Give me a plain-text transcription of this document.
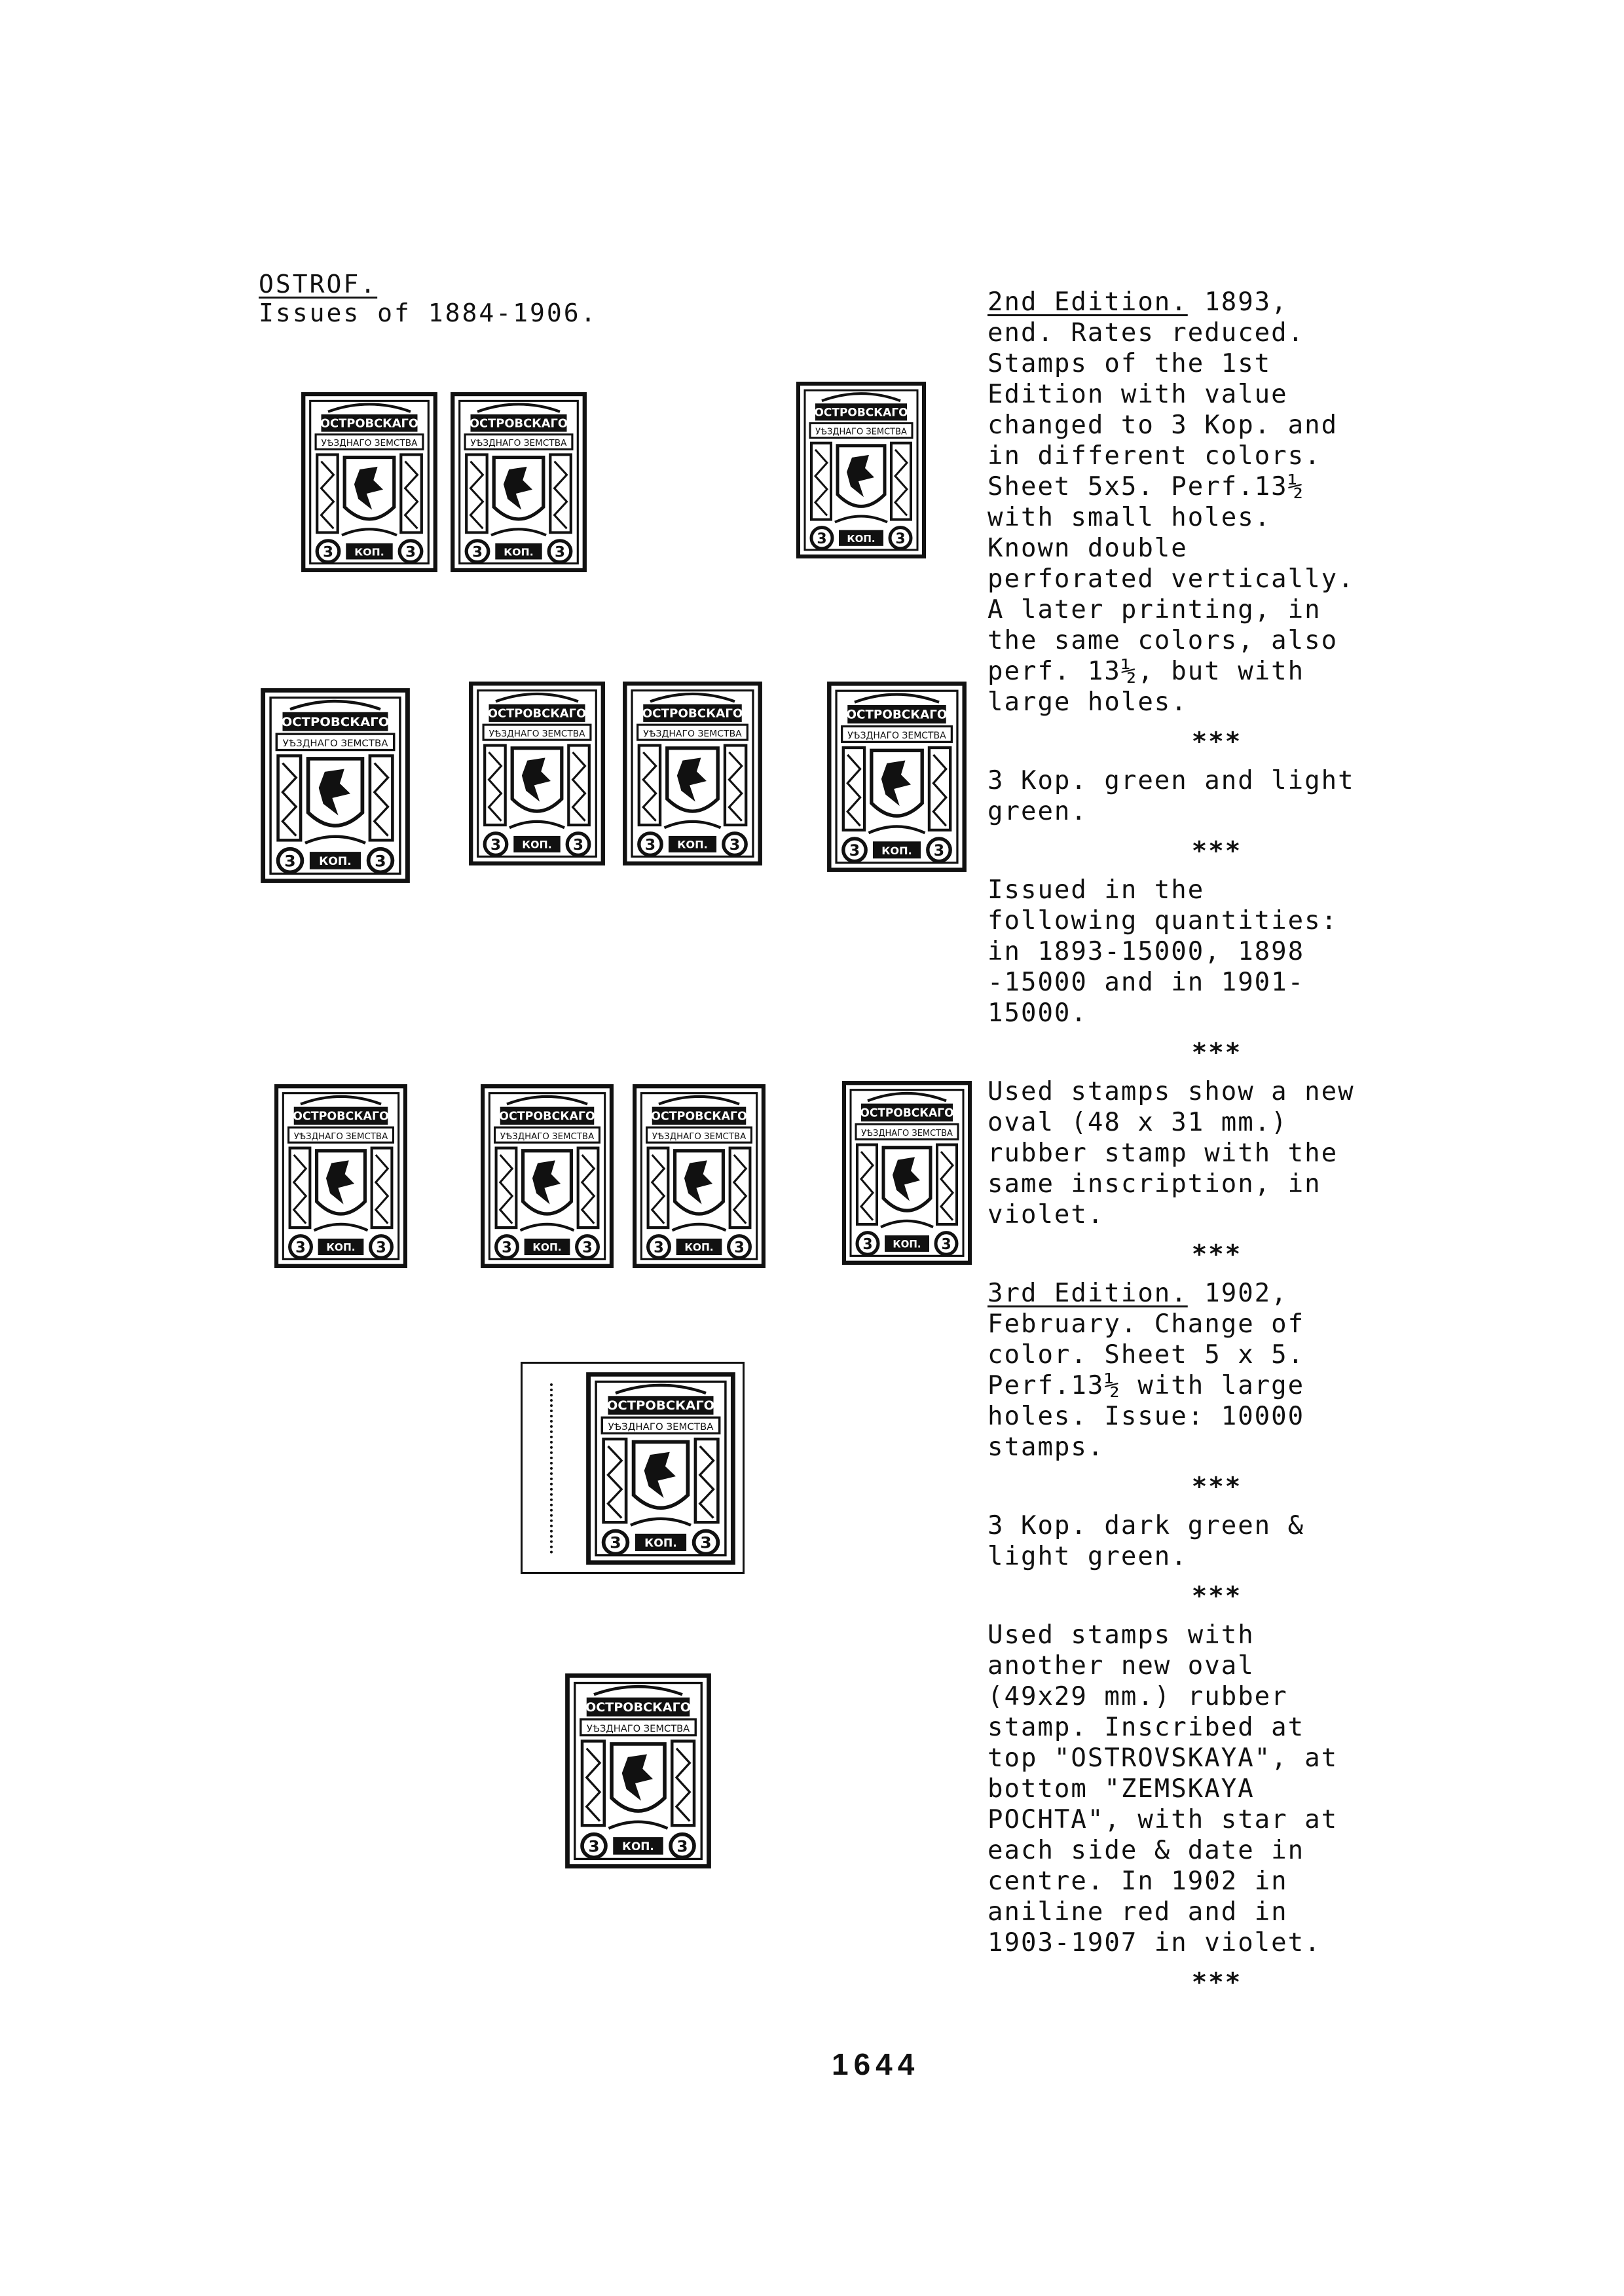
OSTROF.
Issues of 1884-1906.
ОСТРОВСКАГО
УѢЗДНАГО ЗЕМСТВА
3	3
КОП.
ОСТРОВСКАГО
УѢЗДНАГО ЗЕМСТВА
3	3
КОП.
ОСТРОВСКАГО
УѢЗДНАГО ЗЕМСТВА
3	3
КОП.
ОСТРОВСКАГО
УѢЗДНАГО ЗЕМСТВА
3	3
КОП.
ОСТРОВСКАГО
УѢЗДНАГО ЗЕМСТВА
3	3
КОП.
ОСТРОВСКАГО
УѢЗДНАГО ЗЕМСТВА
3	3
КОП.
ОСТРОВСКАГО
УѢЗДНАГО ЗЕМСТВА
3	3
КОП.
ОСТРОВСКАГО
УѢЗДНАГО ЗЕМСТВА
3	3
КОП.
ОСТРОВСКАГО
УѢЗДНАГО ЗЕМСТВА
3	3
КОП.
ОСТРОВСКАГО
УѢЗДНАГО ЗЕМСТВА
3	3
КОП.
ОСТРОВСКАГО
УѢЗДНАГО ЗЕМСТВА
3	3
КОП.
ОСТРОВСКАГО
УѢЗДНАГО ЗЕМСТВА
3	3
КОП.
ОСТРОВСКАГО
УѢЗДНАГО ЗЕМСТВА
3	3
КОП.

2nd Edition. 1893, end. Rates reduced. Stamps of the 1st Edition with value changed to 3 Kop. and in different colors. Sheet 5x5. Perf.13½ with small holes. Known double perforated vertically. A later printing, in the same colors, also perf. 13½, but with large holes.

***

3 Kop. green and light green.

***

Issued in the following quantities: in 1893-15000, 1898 -15000 and in 1901-15000.

***

Used stamps show a new oval (48 x 31 mm.) rubber stamp with the same inscription, in violet.

***

3rd Edition. 1902, February. Change of color. Sheet 5 x 5. Perf.13½ with large holes. Issue: 10000 stamps.

***

3 Kop. dark green & light green.

***

Used stamps with another new oval (49x29 mm.) rubber stamp. Inscribed at top "OSTROVSKAYA", at bottom "ZEMSKAYA POCHTA", with star at each side & date in centre. In 1902 in aniline red and in 1903-1907 in violet.

***
1644
